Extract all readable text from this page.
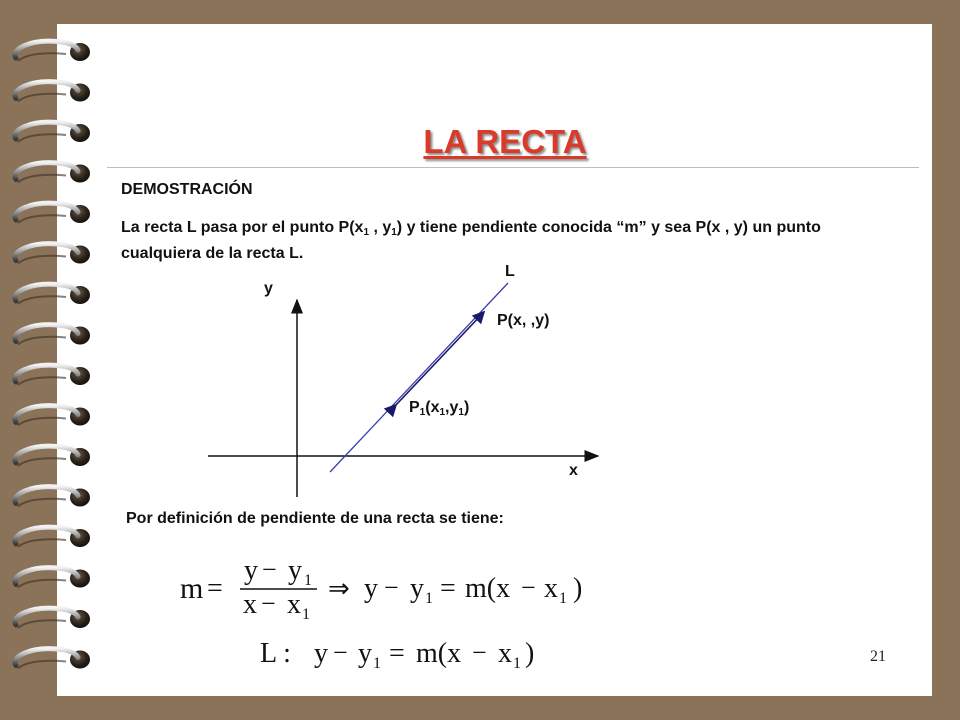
LA RECTA
DEMOSTRACIÓN
La recta L pasa por el punto $P(x_1$ , $y_1$) y tiene pendiente conocida “m” y sea P(x , y) un punto cualquiera de la recta L.
L
y
x
P(x, ,y)
$P_1(x_1,y_1)$
Por definición de pendiente de una recta se tiene:
m =
y − y 1
x − x 1
⇒ y − y 1 = m(x − x 1 )
L : y − y 1 = m(x − x 1 )	21
